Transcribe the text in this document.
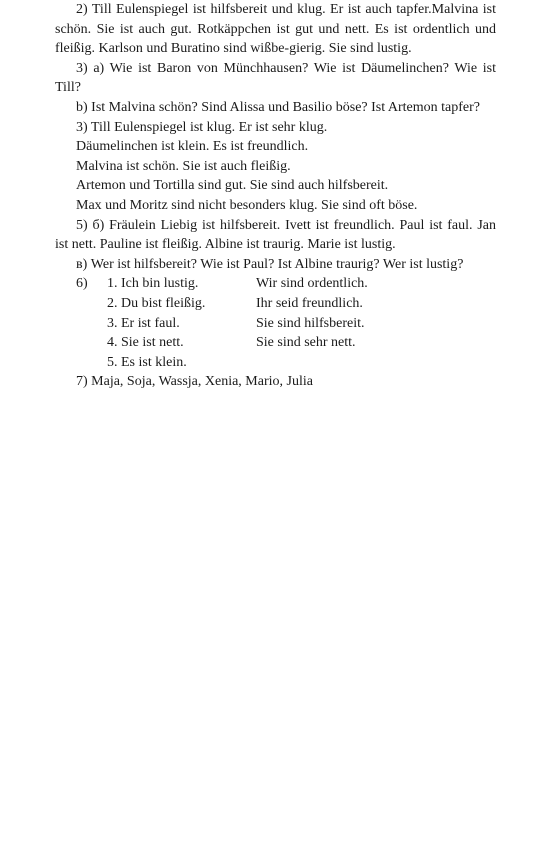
2) Till Eulenspiegel ist hilfsbereit und klug. Er ist auch tapfer.Malvina ist schön. Sie ist auch gut. Rotkäppchen ist gut und nett. Es ist ordentlich und fleißig. Karlson und Buratino sind wißbe-gierig. Sie sind lustig.

3) a) Wie ist Baron von Münchhausen? Wie ist Däumelinchen? Wie ist Till?

b) Ist Malvina schön? Sind Alissa und Basilio böse? Ist Artemon tapfer?

3) Till Eulenspiegel ist klug. Er ist sehr klug.

Däumelinchen ist klein. Es ist freundlich.

Malvina ist schön. Sie ist auch fleißig.

Artemon und Tortilla sind gut. Sie sind auch hilfsbereit.

Max und Moritz sind nicht besonders klug. Sie sind oft böse.

5) б) Fräulein Liebig ist hilfsbereit. Ivett ist freundlich. Paul ist faul. Jan ist nett. Pauline ist fleißig. Albine ist traurig. Marie ist lustig.

в) Wer ist hilfsbereit? Wie ist Paul? Ist Albine traurig? Wer ist lustig?

6) 1. Ich bin lustig.
2. Du bist fleißig.
3. Er ist faul.
4. Sie ist nett.
5. Es ist klein.
Wir sind ordentlich.
Ihr seid freundlich.
Sie sind hilfsbereit.
Sie sind sehr nett.

7) Maja, Soja, Wassja, Xenia, Mario, Julia
